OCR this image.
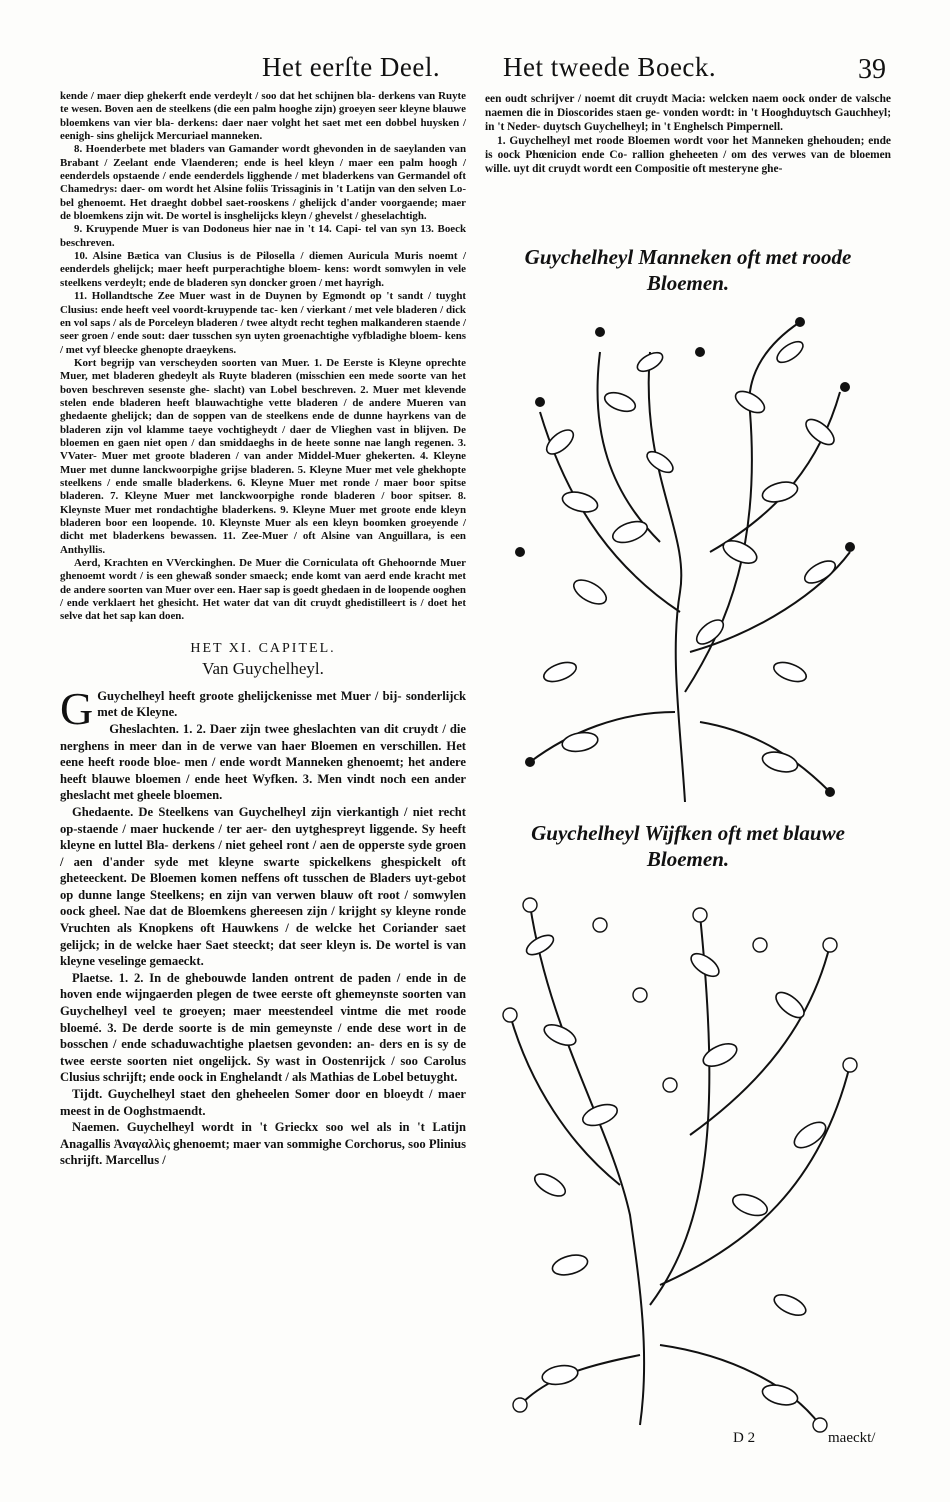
Het eerſte Deel. Het tweede Boeck.	39

kende / maer diep ghekerft ende verdeylt / soo dat het schijnen bla- derkens van Ruyte te wesen. Boven aen de steelkens (die een palm hooghe zijn) groeyen seer kleyne blauwe bloemkens van vier bla- derkens: daer naer volght het saet met een dobbel huysken / eenigh- sins ghelijck Mercuriael manneken.

8. Hoenderbete met bladers van Gamander wordt ghevonden in de saeylanden van Brabant / Zeelant ende Vlaenderen; ende is heel kleyn / maer een palm hoogh / eenderdels opstaende / ende eenderdels ligghende / met bladerkens van Germandel oft Chamedrys: daer- om wordt het Alsine foliis Trissaginis in 't Latijn van den selven Lo- bel ghenoemt. Het draeght dobbel saet-rooskens / ghelijck d'ander voorgaende; maer de bloemkens zijn wit. De wortel is insghelijcks kleyn / ghevelst / gheselachtigh.

9. Kruypende Muer is van Dodoneus hier nae in 't 14. Capi- tel van syn 13. Boeck beschreven.

10. Alsine Bætica van Clusius is de Pilosella / diemen Auricula Muris noemt / eenderdels ghelijck; maer heeft purperachtighe bloem- kens: wordt somwylen in vele steelkens verdeylt; ende de bladeren syn doncker groen / met hayrigh.

11. Hollandtsche Zee Muer wast in de Duynen by Egmondt op 't sandt / tuyght Clusius: ende heeft veel voordt-kruypende tac- ken / vierkant / met vele bladeren / dick en vol saps / als de Porceleyn bladeren / twee altydt recht teghen malkanderen staende / seer groen / ende sout: daer tusschen syn uyten groenachtighe vyfbladighe bloem- kens / met vyf bleecke ghenopte draeykens.

Kort begrijp van verscheyden soorten van Muer. 1. De Eerste is Kleyne oprechte Muer, met bladeren ghedeylt als Ruyte bladeren (misschien een mede soorte van het boven beschreven sesenste ghe- slacht) van Lobel beschreven. 2. Muer met klevende stelen ende bladeren heeft blauwachtighe vette bladeren / de andere Mueren van ghedaente ghelijck; dan de soppen van de steelkens ende de dunne hayrkens van de bladeren zijn vol klamme taeye vochtigheydt / daer de Vlieghen vast in blijven. De bloemen en gaen niet open / dan smiddaeghs in de heete sonne nae langh regenen. 3. VVater- Muer met groote bladeren / van ander Middel-Muer ghekerten. 4. Kleyne Muer met dunne lanckwoorpighe grijse bladeren. 5. Kleyne Muer met vele ghekhopte steelkens / ende smalle bladerkens. 6. Kleyne Muer met ronde / maer boor spitse bladeren. 7. Kleyne Muer met lanckwoorpighe ronde bladeren / boor spitser. 8. Kleynste Muer met rondachtighe bladerkens. 9. Kleyne Muer met groote ende kleyn bladeren boor een loopende. 10. Kleynste Muer als een kleyn boomken groeyende / dicht met bladerkens bewassen. 11. Zee-Muer / oft Alsine van Anguillara, is een Anthyllis.

Aerd, Krachten en VVerckinghen. De Muer die Corniculata oft Ghehoornde Muer ghenoemt wordt / is een ghewaß sonder smaeck; ende komt van aerd ende kracht met de andere soorten van Muer over een. Haer sap is goedt ghedaen in de loopende ooghen / ende verklaert het ghesicht. Het water dat van dit cruydt ghedistilleert is / doet het selve dat het sap kan doen.

HET XI. CAPITEL.
Van Guychelheyl.

G Guychelheyl heeft groote ghelijckenisse met Muer / bij- sonderlijck met de Kleyne.

Gheslachten. 1. 2. Daer zijn twee gheslachten van dit cruydt / die nerghens in meer dan in de verwe van haer Bloemen en verschillen. Het eene heeft roode bloe- men / ende wordt Manneken ghenoemt; het andere heeft blauwe bloemen / ende heet Wyfken. 3. Men vindt noch een ander gheslacht met gheele bloemen.

Ghedaente. De Steelkens van Guychelheyl zijn vierkantigh / niet recht op-staende / maer huckende / ter aer- den uytghespreyt liggende. Sy heeft kleyne en luttel Bla- derkens / niet geheel ront / aen de opperste syde groen / aen d'ander syde met kleyne swarte spickelkens ghespickelt oft gheteeckent. De Bloemen komen neffens oft tusschen de Bladers uyt-gebot op dunne lange Steelkens; en zijn van verwen blauw oft root / somwylen oock gheel. Nae dat de Bloemkens ghereesen zijn / krijght sy kleyne ronde Vruchten als Knopkens oft Hauwkens / de welcke het Coriander saet gelijck; in de welcke haer Saet steeckt; dat seer kleyn is. De wortel is van kleyne veselinge gemaeckt.

Plaetse. 1. 2. In de ghebouwde landen ontrent de paden / ende in de hoven ende wijngaerden plegen de twee eerste oft ghemeynste soorten van Guychelheyl veel te groeyen; maer meestendeel vintme die met roode bloemé. 3. De derde soorte is de min gemeynste / ende dese wort in de bosschen / ende schaduwachtighe plaetsen gevonden: an- ders en is sy de twee eerste soorten niet ongelijck. Sy wast in Oostenrijck / soo Carolus Clusius schrijft; ende oock in Enghelandt / als Mathias de Lobel betuyght.

Tijdt. Guychelheyl staet den gheheelen Somer door en bloeydt / maer meest in de Ooghstmaendt.

Naemen. Guychelheyl wordt in 't Grieckx soo wel als in 't Latijn Anagallis Ἀναγαλλὶς ghenoemt; maer van sommighe Corchorus, soo Plinius schrijft. Marcellus /

een oudt schrijver / noemt dit cruydt Macia: welcken naem oock onder de valsche naemen die in Dioscorides staen ge- vonden wordt: in 't Hooghduytsch Gauchheyl; in 't Neder- duytsch Guychelheyl; in 't Enghelsch Pimpernell.

1. Guychelheyl met roode Bloemen wordt voor het Manneken ghehouden; ende is oock Phœnicion ende Co- rallion gheheeten / om des verwes van de bloemen wille. uyt dit cruydt wordt een Compositie oft mesteryne ghe-

Guychelheyl Manneken oft met roode
Bloemen.
Guychelheyl Wijfken oft met blauwe
Bloemen.
D 2	maeckt/
